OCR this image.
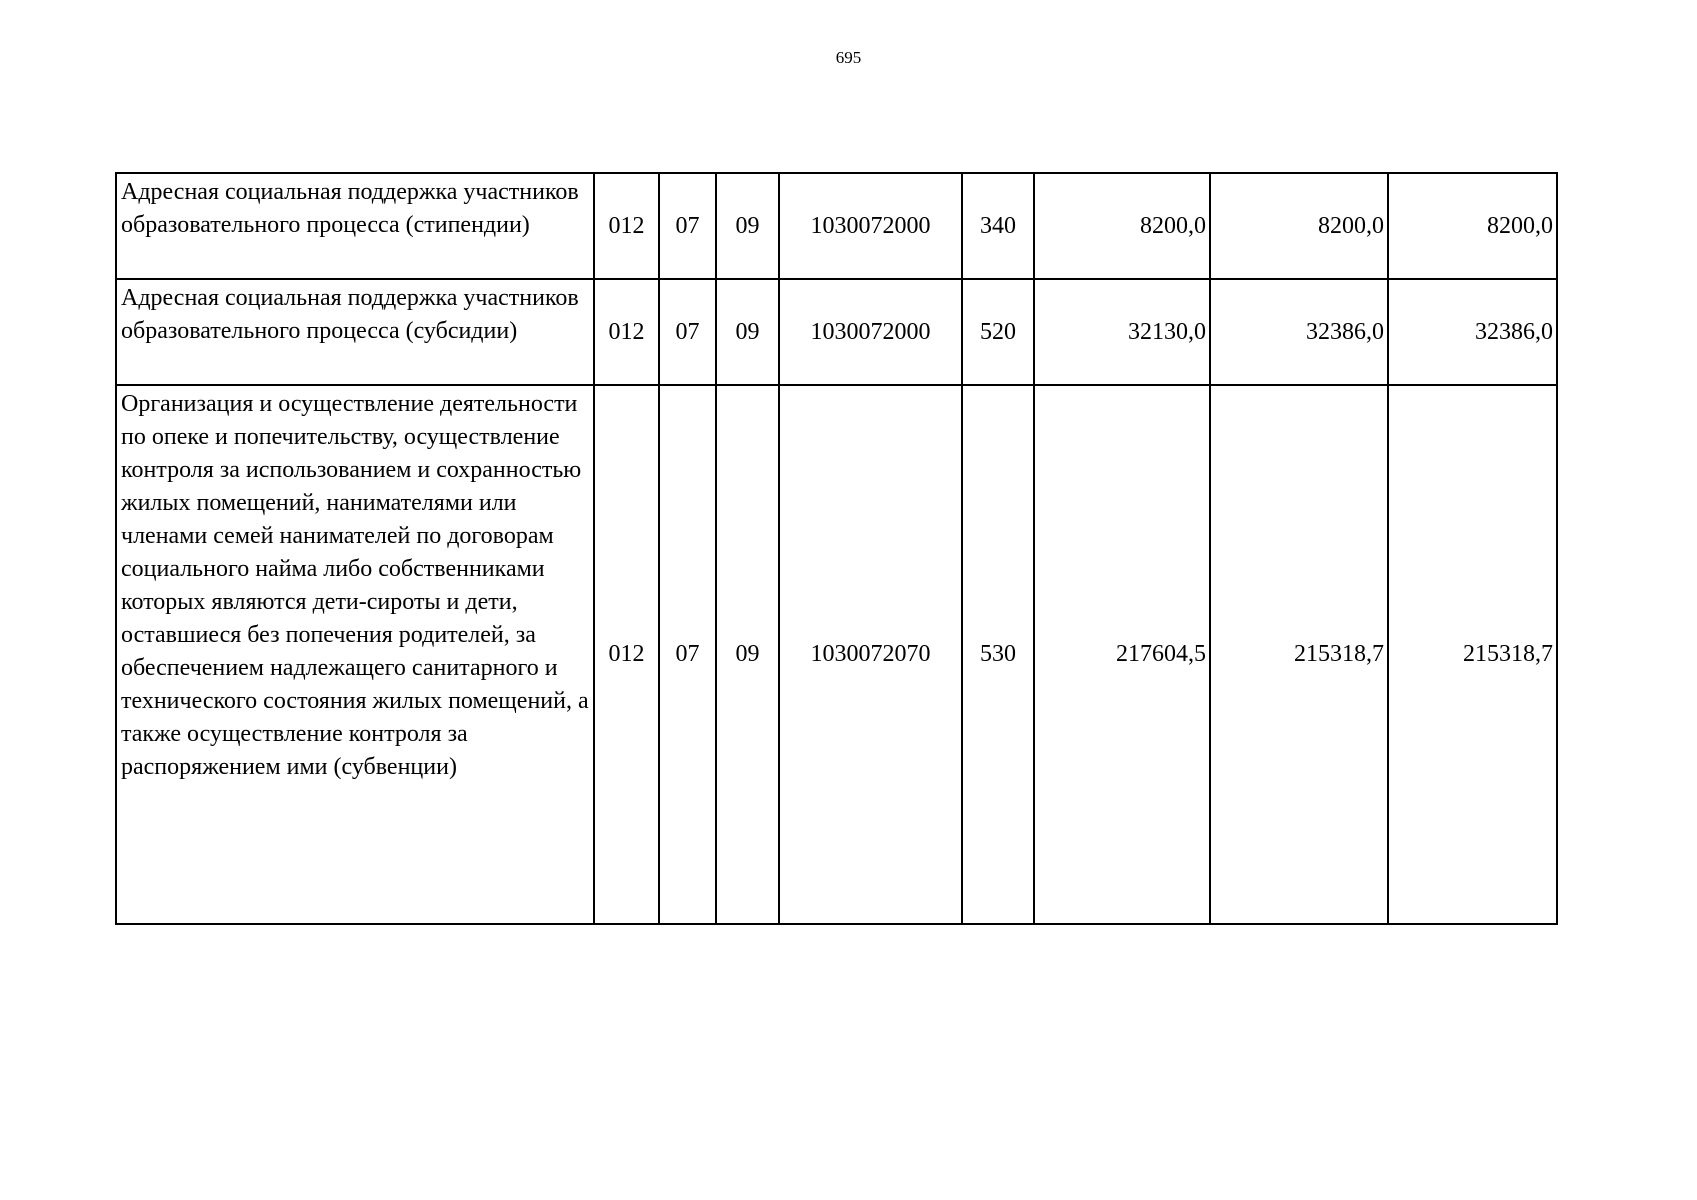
695
Адресная социальная поддержка участников образовательного процесса (стипендии)	012	07	09	1030072000	340	8200,0	8200,0	8200,0
Адресная социальная поддержка участников образовательного процесса (субсидии)	012	07	09	1030072000	520	32130,0	32386,0	32386,0
Организация и осуществление деятельности по опеке и попечительству, осуществление контроля за использованием и сохранностью жилых помещений, нанимателями или членами семей нанимателей по договорам социального найма либо собственниками которых являются дети-сироты и дети, оставшиеся без попечения родителей, за обеспечением надлежащего санитарного и технического состояния жилых помещений, а также осуществление контроля за распоряжением ими (субвенции)	012	07	09	1030072070	530	217604,5	215318,7	215318,7
